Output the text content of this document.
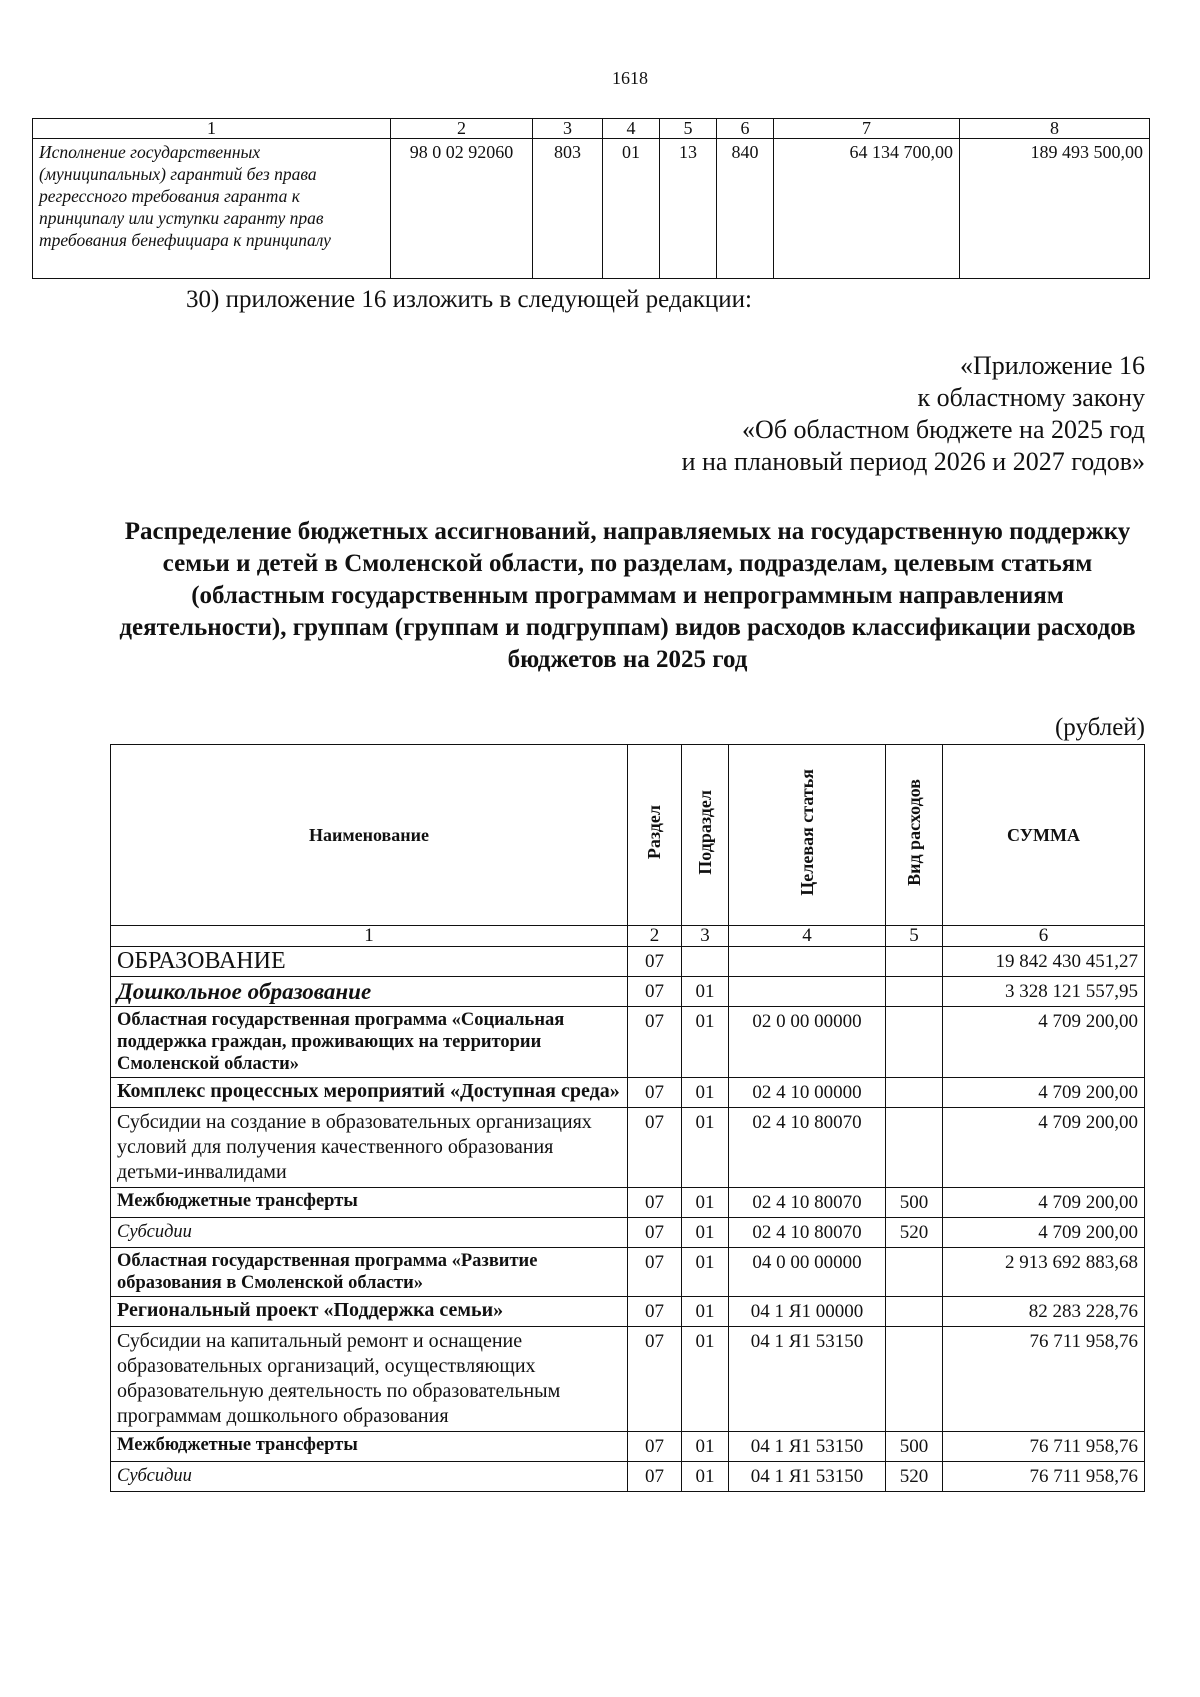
1618
1	2	3	4	5	6	7	8
Исполнение государственных (муниципальных) гарантий без права регрессного требования гаранта к принципалу или уступки гаранту прав требования бенефициара к принципалу	98 0 02 92060	803	01	13	840	64 134 700,00	189 493 500,00
30) приложение 16 изложить в следующей редакции:
«Приложение 16
к областному закону
«Об областном бюджете на 2025 год
и на плановый период 2026 и 2027 годов»
Распределение бюджетных ассигнований, направляемых на государственную поддержку семьи и детей в Смоленской области, по разделам, подразделам, целевым статьям (областным государственным программам и непрограммным направлениям деятельности), группам (группам и подгруппам) видов расходов классификации расходов бюджетов на 2025 год
(рублей)
Наименование	Раздел	Подраздел	Целевая статья	Вид расходов	СУММА
1	2	3	4	5	6
ОБРАЗОВАНИЕ	07				19 842 430 451,27
Дошкольное образование	07	01			3 328 121 557,95
Областная государственная программа «Социальная поддержка граждан, проживающих на территории Смоленской области»	07	01	02 0 00 00000		4 709 200,00
Комплекс процессных мероприятий «Доступная среда»	07	01	02 4 10 00000		4 709 200,00
Субсидии на создание в образовательных организациях условий для получения качественного образования детьми-инвалидами	07	01	02 4 10 80070		4 709 200,00
Межбюджетные трансферты	07	01	02 4 10 80070	500	4 709 200,00
Субсидии	07	01	02 4 10 80070	520	4 709 200,00
Областная государственная программа «Развитие образования в Смоленской области»	07	01	04 0 00 00000		2 913 692 883,68
Региональный проект «Поддержка семьи»	07	01	04 1 Я1 00000		82 283 228,76
Субсидии на капитальный ремонт и оснащение образовательных организаций, осуществляющих образовательную деятельность по образовательным программам дошкольного образования	07	01	04 1 Я1 53150		76 711 958,76
Межбюджетные трансферты	07	01	04 1 Я1 53150	500	76 711 958,76
Субсидии	07	01	04 1 Я1 53150	520	76 711 958,76
